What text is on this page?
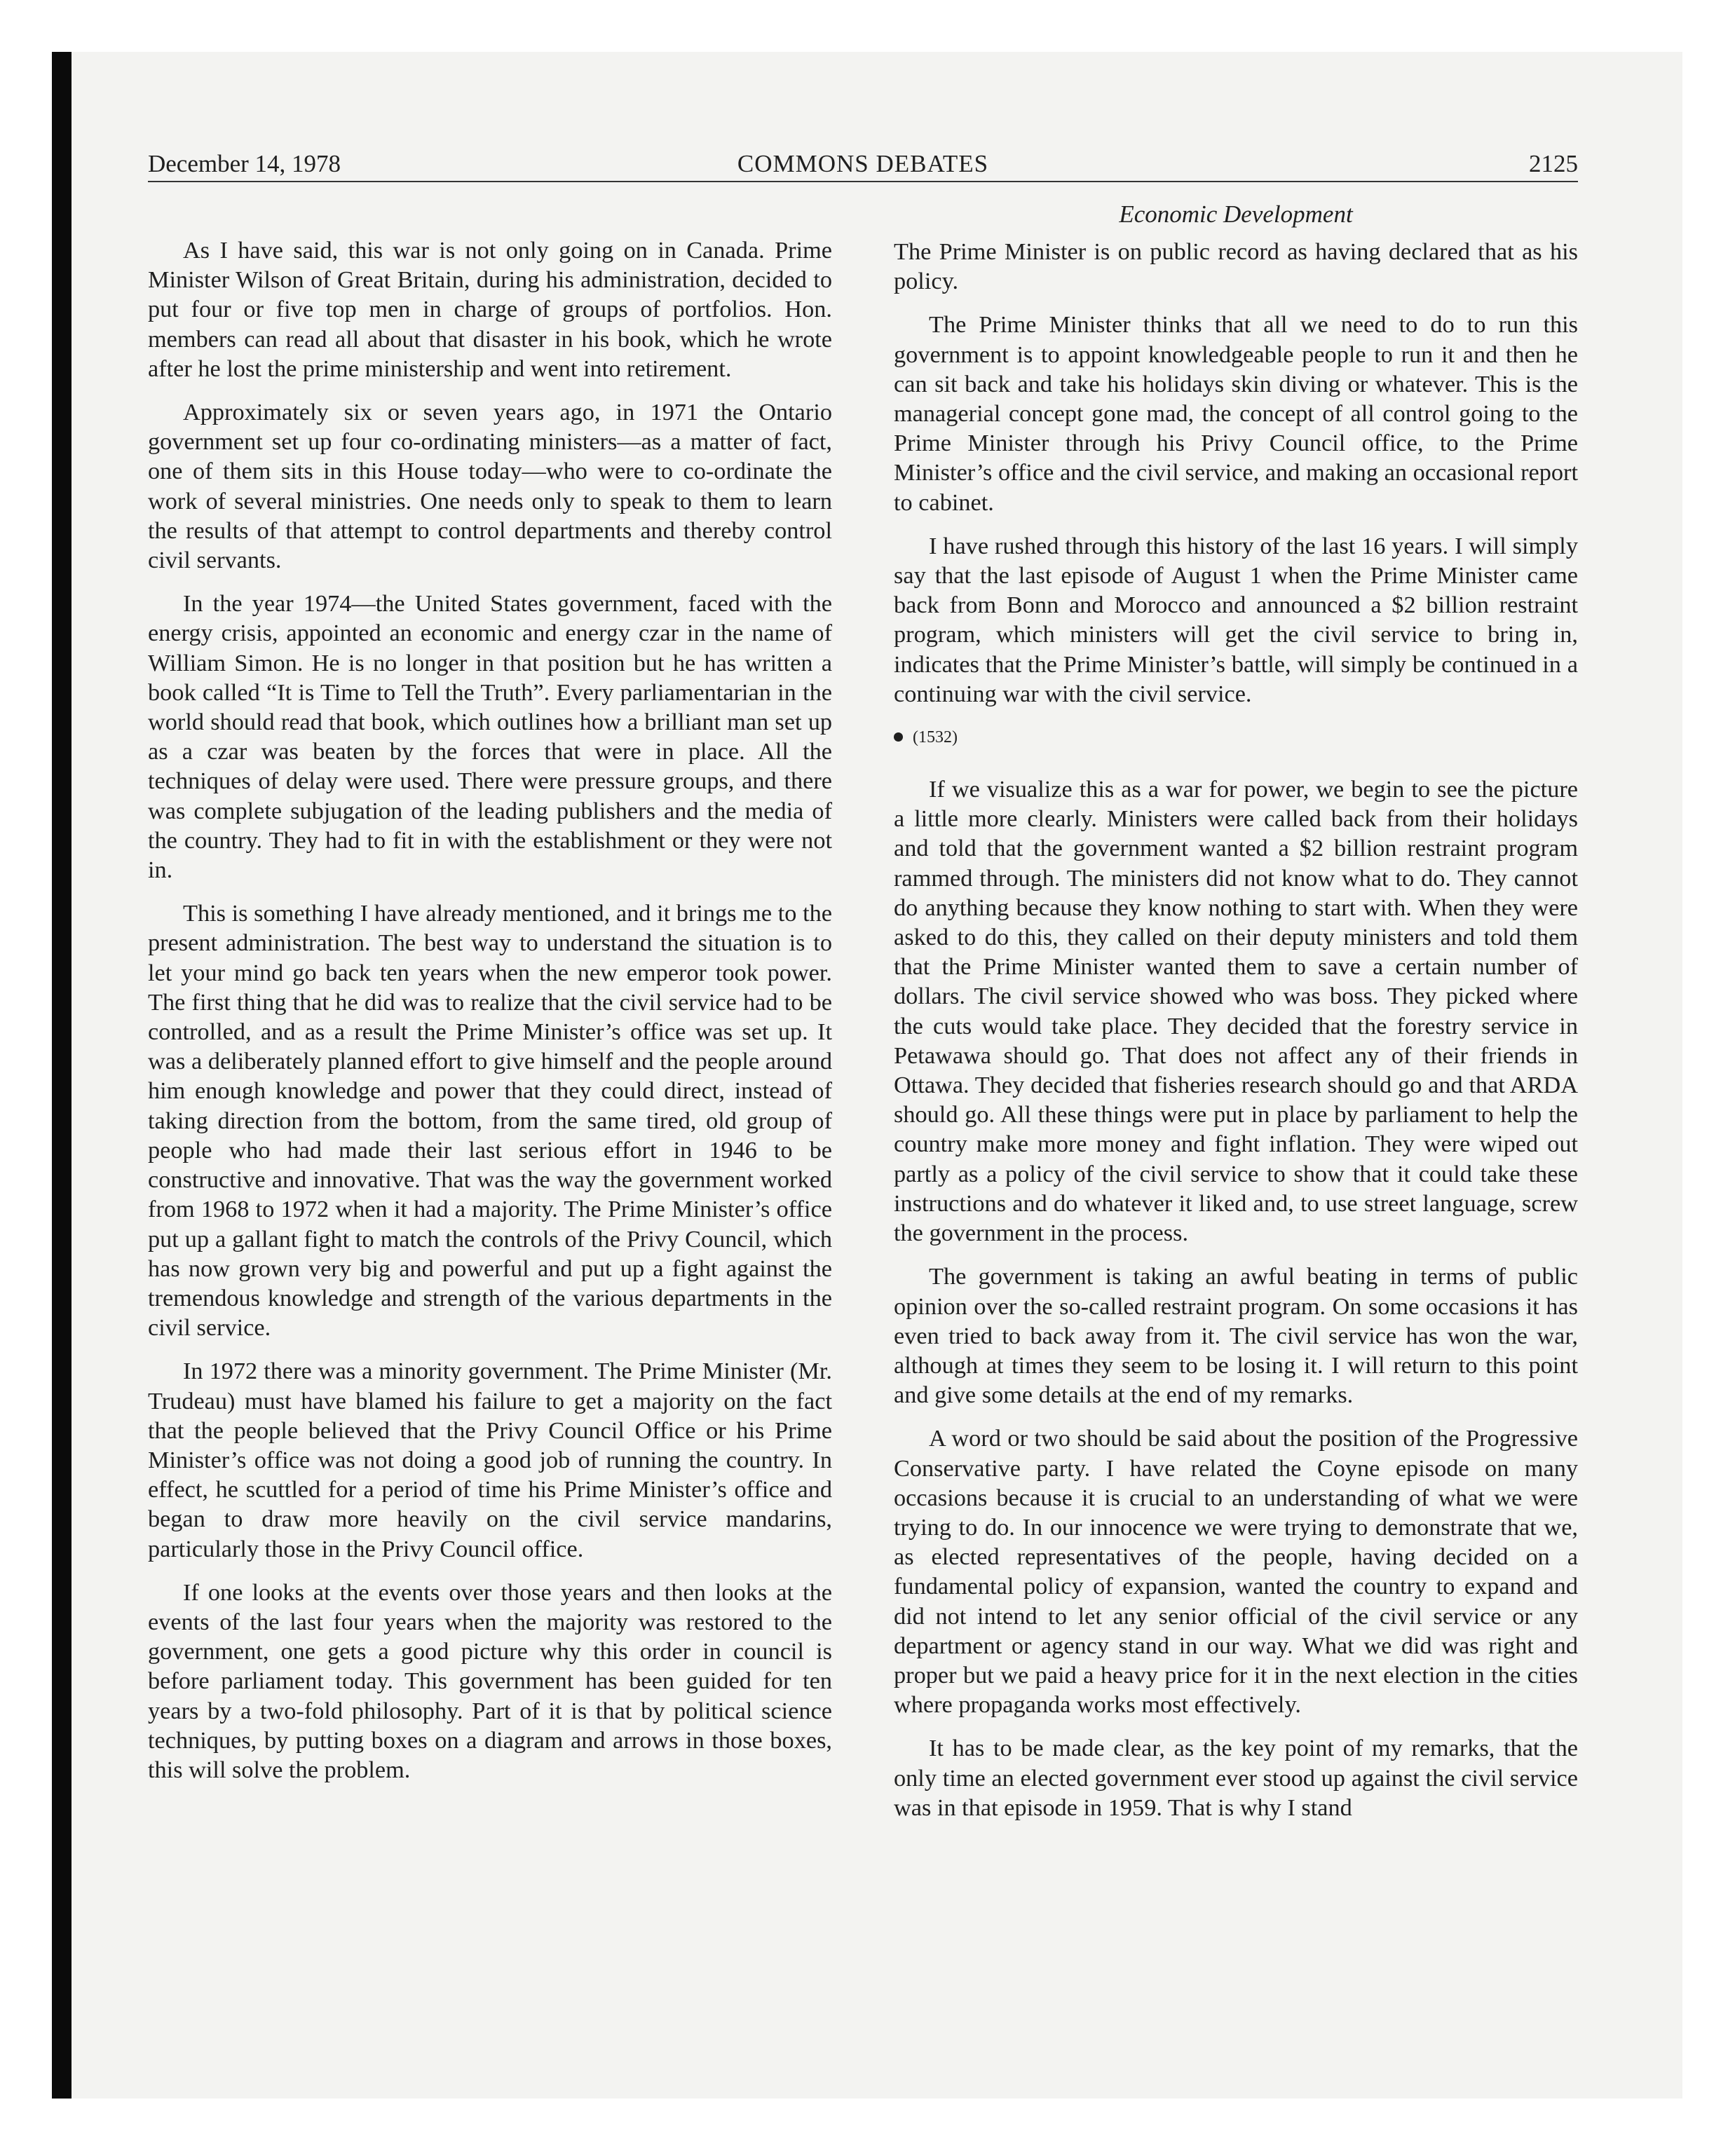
December 14, 1978	COMMONS DEBATES	2125
Economic Development

As I have said, this war is not only going on in Canada. Prime Minister Wilson of Great Britain, during his administration, decided to put four or five top men in charge of groups of portfolios. Hon. members can read all about that disaster in his book, which he wrote after he lost the prime ministership and went into retirement.

Approximately six or seven years ago, in 1971 the Ontario government set up four co-ordinating ministers—as a matter of fact, one of them sits in this House today—who were to co-ordinate the work of several ministries. One needs only to speak to them to learn the results of that attempt to control departments and thereby control civil servants.

In the year 1974—the United States government, faced with the energy crisis, appointed an economic and energy czar in the name of William Simon. He is no longer in that position but he has written a book called “It is Time to Tell the Truth”. Every parliamentarian in the world should read that book, which outlines how a brilliant man set up as a czar was beaten by the forces that were in place. All the techniques of delay were used. There were pressure groups, and there was complete subjugation of the leading publishers and the media of the country. They had to fit in with the establishment or they were not in.

This is something I have already mentioned, and it brings me to the present administration. The best way to understand the situation is to let your mind go back ten years when the new emperor took power. The first thing that he did was to realize that the civil service had to be controlled, and as a result the Prime Minister’s office was set up. It was a deliberately planned effort to give himself and the people around him enough knowledge and power that they could direct, instead of taking direction from the bottom, from the same tired, old group of people who had made their last serious effort in 1946 to be constructive and innovative. That was the way the government worked from 1968 to 1972 when it had a majority. The Prime Minister’s office put up a gallant fight to match the controls of the Privy Council, which has now grown very big and powerful and put up a fight against the tremendous knowledge and strength of the various departments in the civil service.

In 1972 there was a minority government. The Prime Minister (Mr. Trudeau) must have blamed his failure to get a majority on the fact that the people believed that the Privy Council Office or his Prime Minister’s office was not doing a good job of running the country. In effect, he scuttled for a period of time his Prime Minister’s office and began to draw more heavily on the civil service mandarins, particularly those in the Privy Council office.

If one looks at the events over those years and then looks at the events of the last four years when the majority was restored to the government, one gets a good picture why this order in council is before parliament today. This government has been guided for ten years by a two-fold philosophy. Part of it is that by political science techniques, by putting boxes on a diagram and arrows in those boxes, this will solve the problem.

The Prime Minister is on public record as having declared that as his policy.

The Prime Minister thinks that all we need to do to run this government is to appoint knowledgeable people to run it and then he can sit back and take his holidays skin diving or whatever. This is the managerial concept gone mad, the concept of all control going to the Prime Minister through his Privy Council office, to the Prime Minister’s office and the civil service, and making an occasional report to cabinet.

I have rushed through this history of the last 16 years. I will simply say that the last episode of August 1 when the Prime Minister came back from Bonn and Morocco and announced a $2 billion restraint program, which ministers will get the civil service to bring in, indicates that the Prime Minister’s battle, will simply be continued in a continuing war with the civil service.

(1532)

If we visualize this as a war for power, we begin to see the picture a little more clearly. Ministers were called back from their holidays and told that the government wanted a $2 billion restraint program rammed through. The ministers did not know what to do. They cannot do anything because they know nothing to start with. When they were asked to do this, they called on their deputy ministers and told them that the Prime Minister wanted them to save a certain number of dollars. The civil service showed who was boss. They picked where the cuts would take place. They decided that the forestry service in Petawawa should go. That does not affect any of their friends in Ottawa. They decided that fisheries research should go and that ARDA should go. All these things were put in place by parliament to help the country make more money and fight inflation. They were wiped out partly as a policy of the civil service to show that it could take these instructions and do whatever it liked and, to use street language, screw the government in the process.

The government is taking an awful beating in terms of public opinion over the so-called restraint program. On some occasions it has even tried to back away from it. The civil service has won the war, although at times they seem to be losing it. I will return to this point and give some details at the end of my remarks.

A word or two should be said about the position of the Progressive Conservative party. I have related the Coyne episode on many occasions because it is crucial to an understanding of what we were trying to do. In our innocence we were trying to demonstrate that we, as elected representatives of the people, having decided on a fundamental policy of expansion, wanted the country to expand and did not intend to let any senior official of the civil service or any department or agency stand in our way. What we did was right and proper but we paid a heavy price for it in the next election in the cities where propaganda works most effectively.

It has to be made clear, as the key point of my remarks, that the only time an elected government ever stood up against the civil service was in that episode in 1959. That is why I stand
